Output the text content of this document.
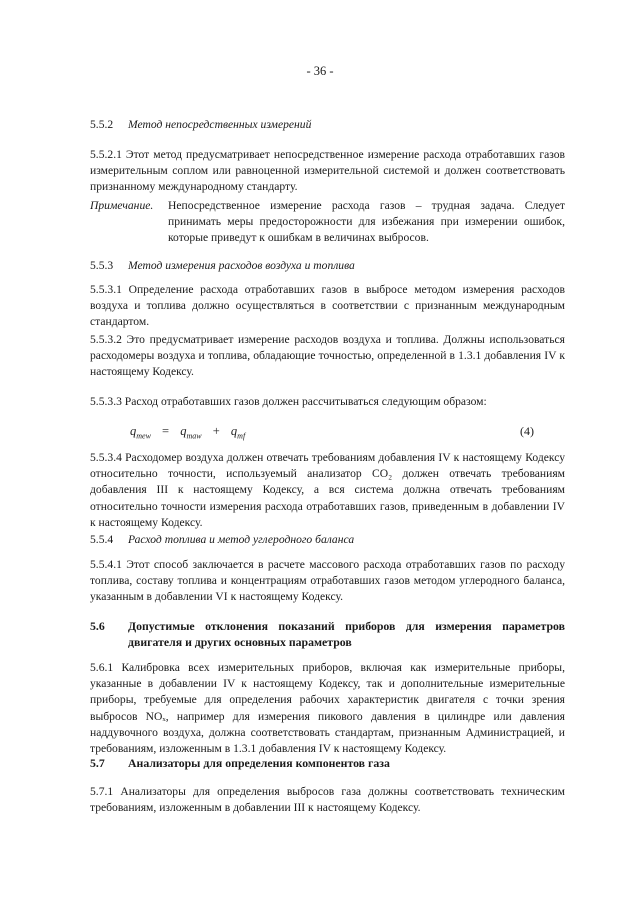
- 36 -
5.5.2 Метод непосредственных измерений
5.5.2.1 Этот метод предусматривает непосредственное измерение расхода отработавших газов измерительным соплом или равноценной измерительной системой и должен соответствовать признанному международному стандарту.
Примечание. Непосредственное измерение расхода газов – трудная задача. Следует принимать меры предосторожности для избежания при измерении ошибок, которые приведут к ошибкам в величинах выбросов.
5.5.3 Метод измерения расходов воздуха и топлива
5.5.3.1 Определение расхода отработавших газов в выбросе методом измерения расходов воздуха и топлива должно осуществляться в соответствии с признанным международным стандартом.
5.5.3.2 Это предусматривает измерение расходов воздуха и топлива. Должны использоваться расходомеры воздуха и топлива, обладающие точностью, определенной в 1.3.1 добавления IV к настоящему Кодексу.
5.5.3.3 Расход отработавших газов должен рассчитываться следующим образом:
$q_{mew} = q_{maw} + q_{mf}$	(4)
5.5.3.4 Расходомер воздуха должен отвечать требованиям добавления IV к настоящему Кодексу относительно точности, используемый анализатор CO₂ должен отвечать требованиям добавления III к настоящему Кодексу, а вся система должна отвечать требованиям относительно точности измерения расхода отработавших газов, приведенным в добавлении IV к настоящему Кодексу.
5.5.4 Расход топлива и метод углеродного баланса
5.5.4.1 Этот способ заключается в расчете массового расхода отработавших газов по расходу топлива, составу топлива и концентрациям отработавших газов методом углеродного баланса, указанным в добавлении VI к настоящему Кодексу.
5.6 Допустимые отклонения показаний приборов для измерения параметров двигателя и других основных параметров
5.6.1 Калибровка всех измерительных приборов, включая как измерительные приборы, указанные в добавлении IV к настоящему Кодексу, так и дополнительные измерительные приборы, требуемые для определения рабочих характеристик двигателя с точки зрения выбросов NOₓ, например для измерения пикового давления в цилиндре или давления наддувочного воздуха, должна соответствовать стандартам, признанным Администрацией, и требованиям, изложенным в 1.3.1 добавления IV к настоящему Кодексу.
5.7 Анализаторы для определения компонентов газа
5.7.1 Анализаторы для определения выбросов газа должны соответствовать техническим требованиям, изложенным в добавлении III к настоящему Кодексу.
